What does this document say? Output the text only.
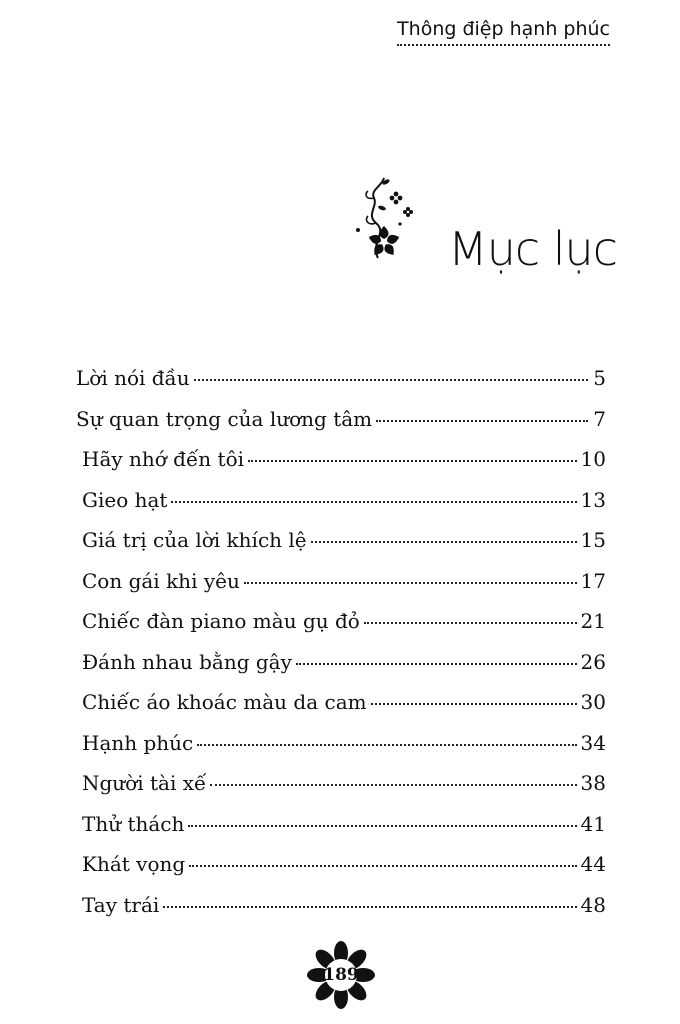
Thông điệp hạnh phúc
Mục lục
Lời nói đầu	5
Sự quan trọng của lương tâm	7
Hãy nhớ đến tôi	10
Gieo hạt	13
Giá trị của lời khích lệ	15
Con gái khi yêu	17
Chiếc đàn piano màu gụ đỏ	21
Đánh nhau bằng gậy	26
Chiếc áo khoác màu da cam	30
Hạnh phúc	34
Người tài xế	38
Thử thách	41
Khát vọng	44
Tay trái	48
189
